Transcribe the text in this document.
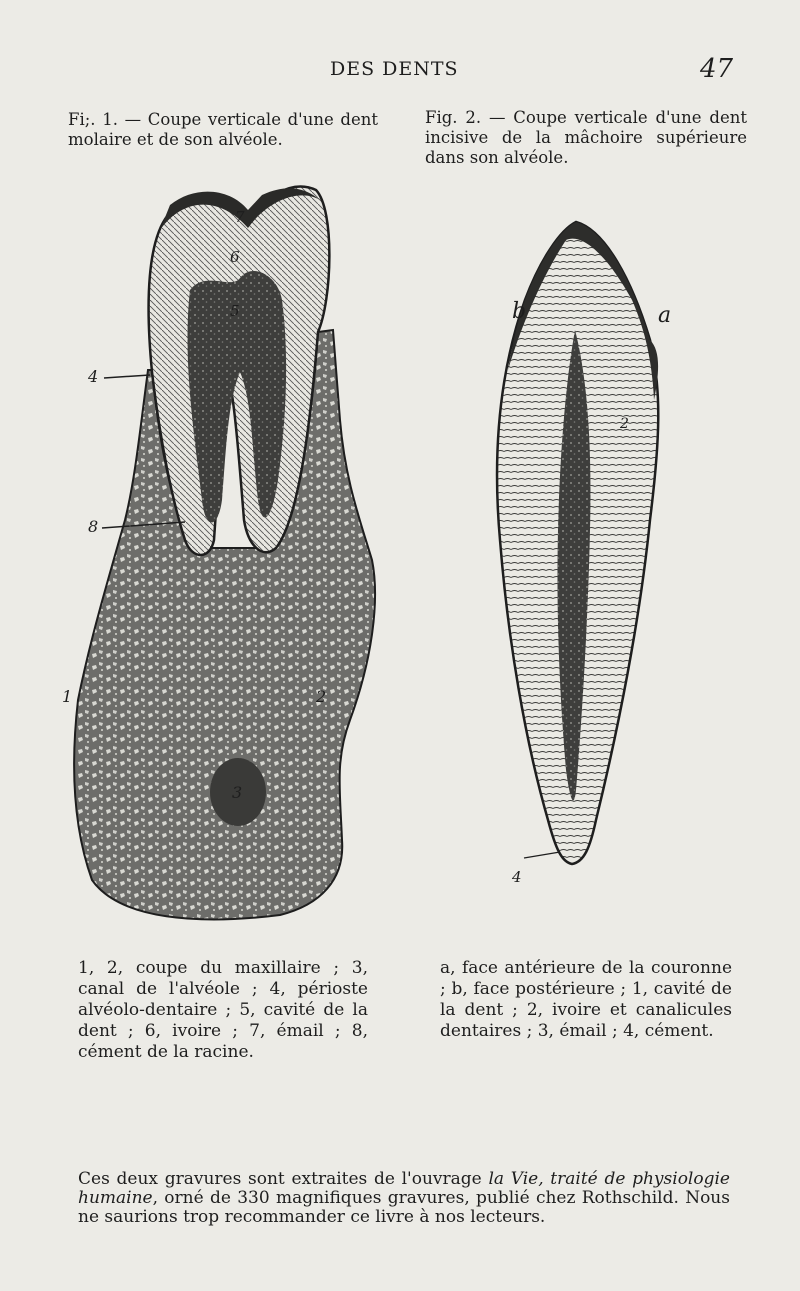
DES DENTS	47
Fi;. 1. — Coupe verticale d'une dent molaire et de son alvéole.
Fig. 2. — Coupe verticale d'une dent incisive de la mâchoire supérieure dans son alvéole.
7
6
5
4
8
1	2
3
b	a
2
4
1, 2, coupe du maxillaire ; 3, canal de l'alvéole ; 4, périoste alvéolo-dentaire ; 5, cavité de la dent ; 6, ivoire ; 7, émail ; 8, cément de la racine.
a, face antérieure de la couronne ; b, face postérieure ; 1, cavité de la dent ; 2, ivoire et canalicules dentaires ; 3, émail ; 4, cément.
Ces deux gravures sont extraites de l'ouvrage la Vie, traité de physiologie humaine, orné de 330 magnifiques gravures, publié chez Rothschild. Nous ne saurions trop recommander ce livre à nos lecteurs.
